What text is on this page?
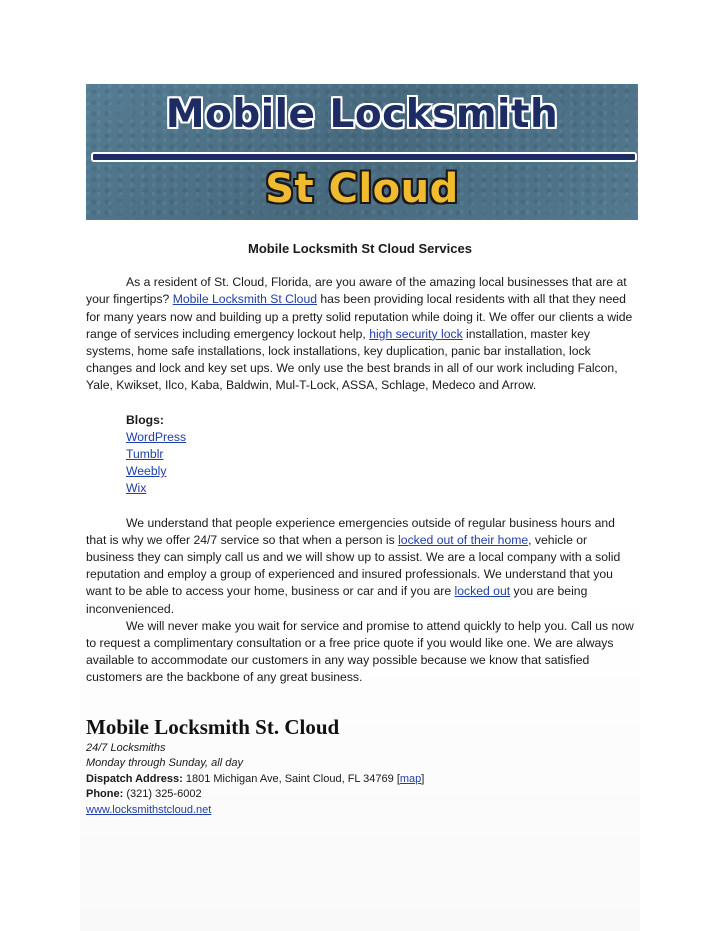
Mobile Locksmith
St Cloud
Mobile Locksmith St Cloud Services

As a resident of St. Cloud, Florida, are you aware of the amazing local businesses that are at your fingertips? Mobile Locksmith St Cloud has been providing local residents with all that they need for many years now and building up a pretty solid reputation while doing it. We offer our clients a wide range of services including emergency lockout help, high security lock installation, master key systems, home safe installations, lock installations, key duplication, panic bar installation, lock changes and lock and key set ups. We only use the best brands in all of our work including Falcon, Yale, Kwikset, Ilco, Kaba, Baldwin, Mul-T-Lock, ASSA, Schlage, Medeco and Arrow.

Blogs:
WordPress
Tumblr
Weebly
Wix

We understand that people experience emergencies outside of regular business hours and that is why we offer 24/7 service so that when a person is locked out of their home, vehicle or business they can simply call us and we will show up to assist. We are a local company with a solid reputation and employ a group of experienced and insured professionals. We understand that you want to be able to access your home, business or car and if you are locked out you are being inconvenienced.

We will never make you wait for service and promise to attend quickly to help you. Call us now to request a complimentary consultation or a free price quote if you would like one. We are always available to accommodate our customers in any way possible because we know that satisfied customers are the backbone of any great business.

Mobile Locksmith St. Cloud
24/7 Locksmiths
Monday through Sunday, all day
Dispatch Address: 1801 Michigan Ave, Saint Cloud, FL 34769 [map]
Phone: (321) 325-6002
www.locksmithstcloud.net
